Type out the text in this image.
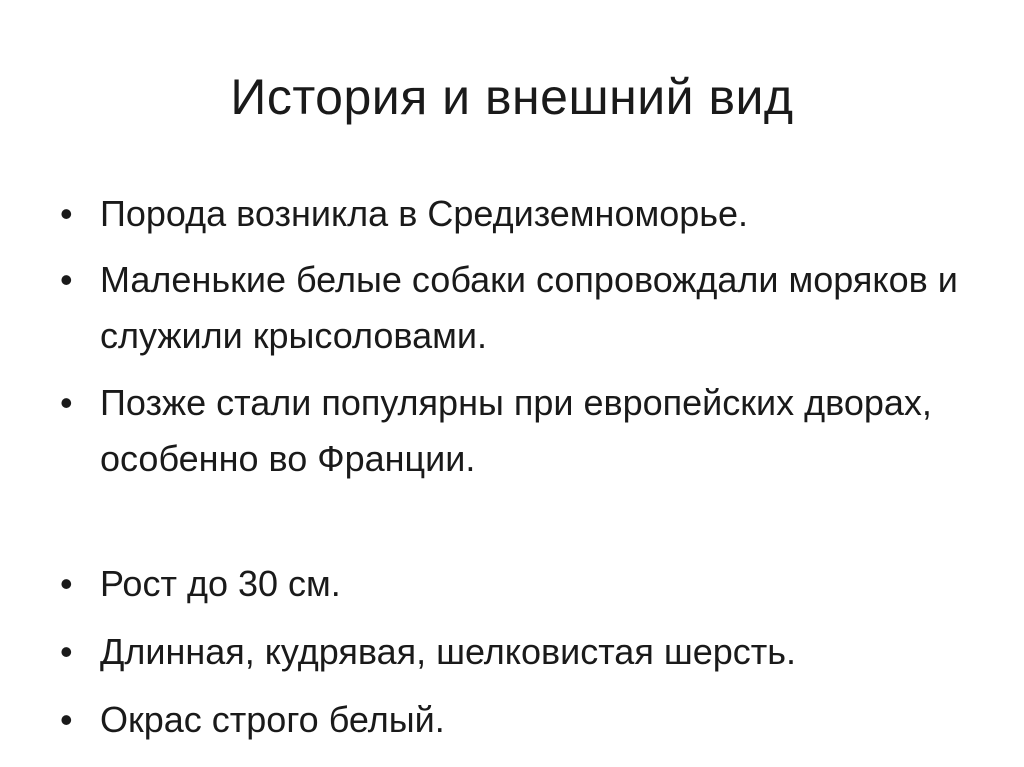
История и внешний вид
• Порода возникла в Средиземноморье.
• Маленькие белые собаки сопровождали моряков и служили крысоловами.
• Позже стали популярны при европейских дворах, особенно во Франции.
• Рост до 30 см.
• Длинная, кудрявая, шелковистая шерсть.
• Окрас строго белый.
